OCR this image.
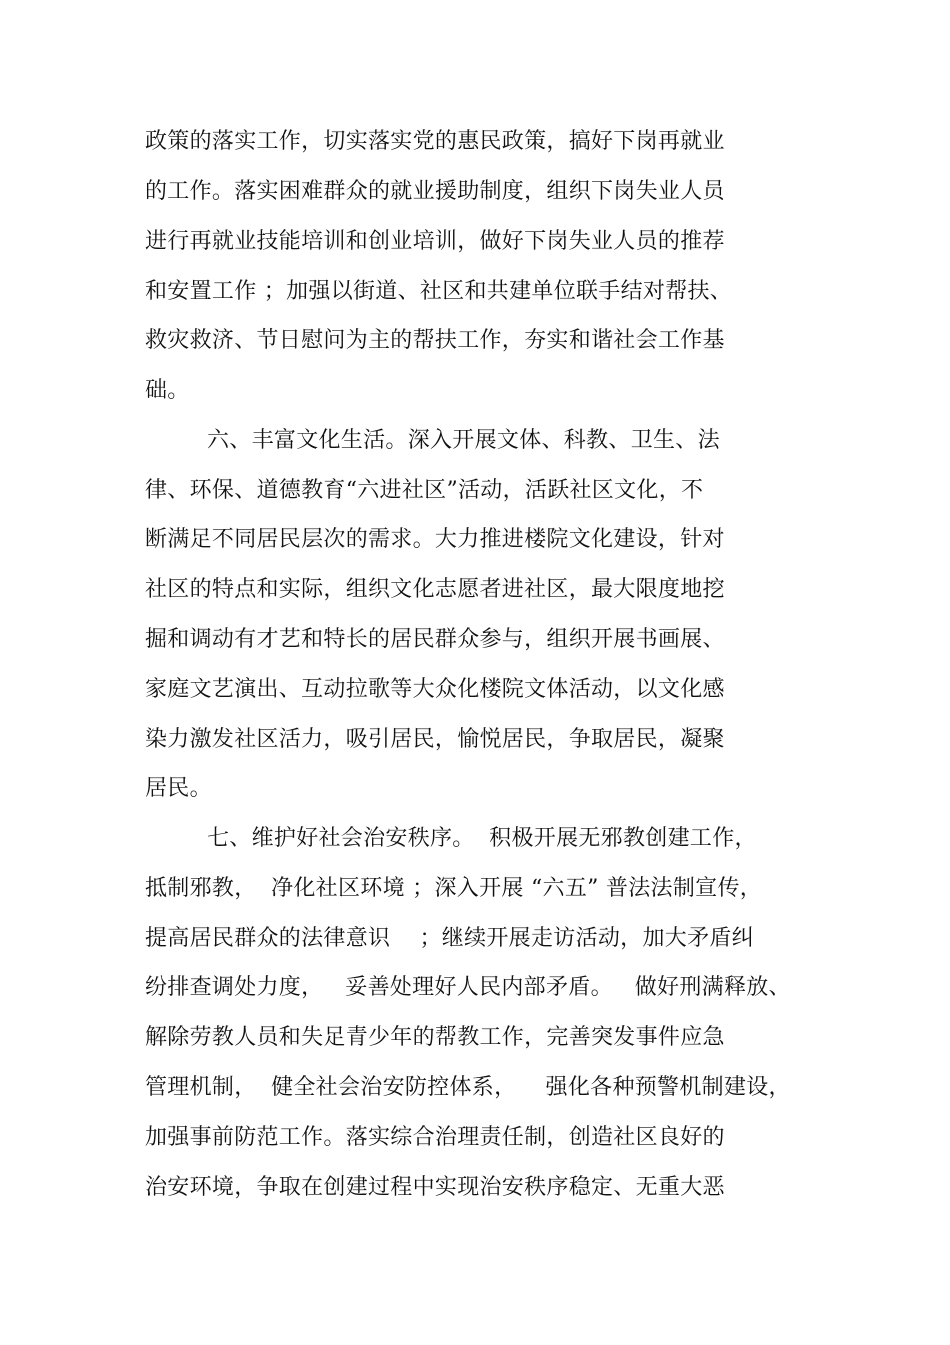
政策的落实工作，切实落实党的惠民政策，搞好下岗再就业
的工作。落实困难群众的就业援助制度，组织下岗失业人员
进行再就业技能培训和创业培训，做好下岗失业人员的推荐
和安置工作 ；加强以街道、社区和共建单位联手结对帮扶、
救灾救济、节日慰问为主的帮扶工作，夯实和谐社会工作基
础。
六、丰富文化生活。深入开展文体、科教、卫生、法
律、环保、道德教育“六进社区”活动，活跃社区文化，不
断满足不同居民层次的需求。大力推进楼院文化建设，针对
社区的特点和实际，组织文化志愿者进社区，最大限度地挖
掘和调动有才艺和特长的居民群众参与，组织开展书画展、
家庭文艺演出、互动拉歌等大众化楼院文体活动，以文化感
染力激发社区活力，吸引居民，愉悦居民，争取居民，凝聚
居民。
七、维护好社会治安秩序。  积极开展无邪教创建工作，
抵制邪教，  净化社区环境 ；深入开展 “六五” 普法法制宣传，
提高居民群众的法律意识    ；继续开展走访活动，加大矛盾纠
纷排查调处力度，   妥善处理好人民内部矛盾。   做好刑满释放、
解除劳教人员和失足青少年的帮教工作，完善突发事件应急
管理机制，  健全社会治安防控体系，    强化各种预警机制建设，
加强事前防范工作。落实综合治理责任制，创造社区良好的
治安环境，争取在创建过程中实现治安秩序稳定、无重大恶
